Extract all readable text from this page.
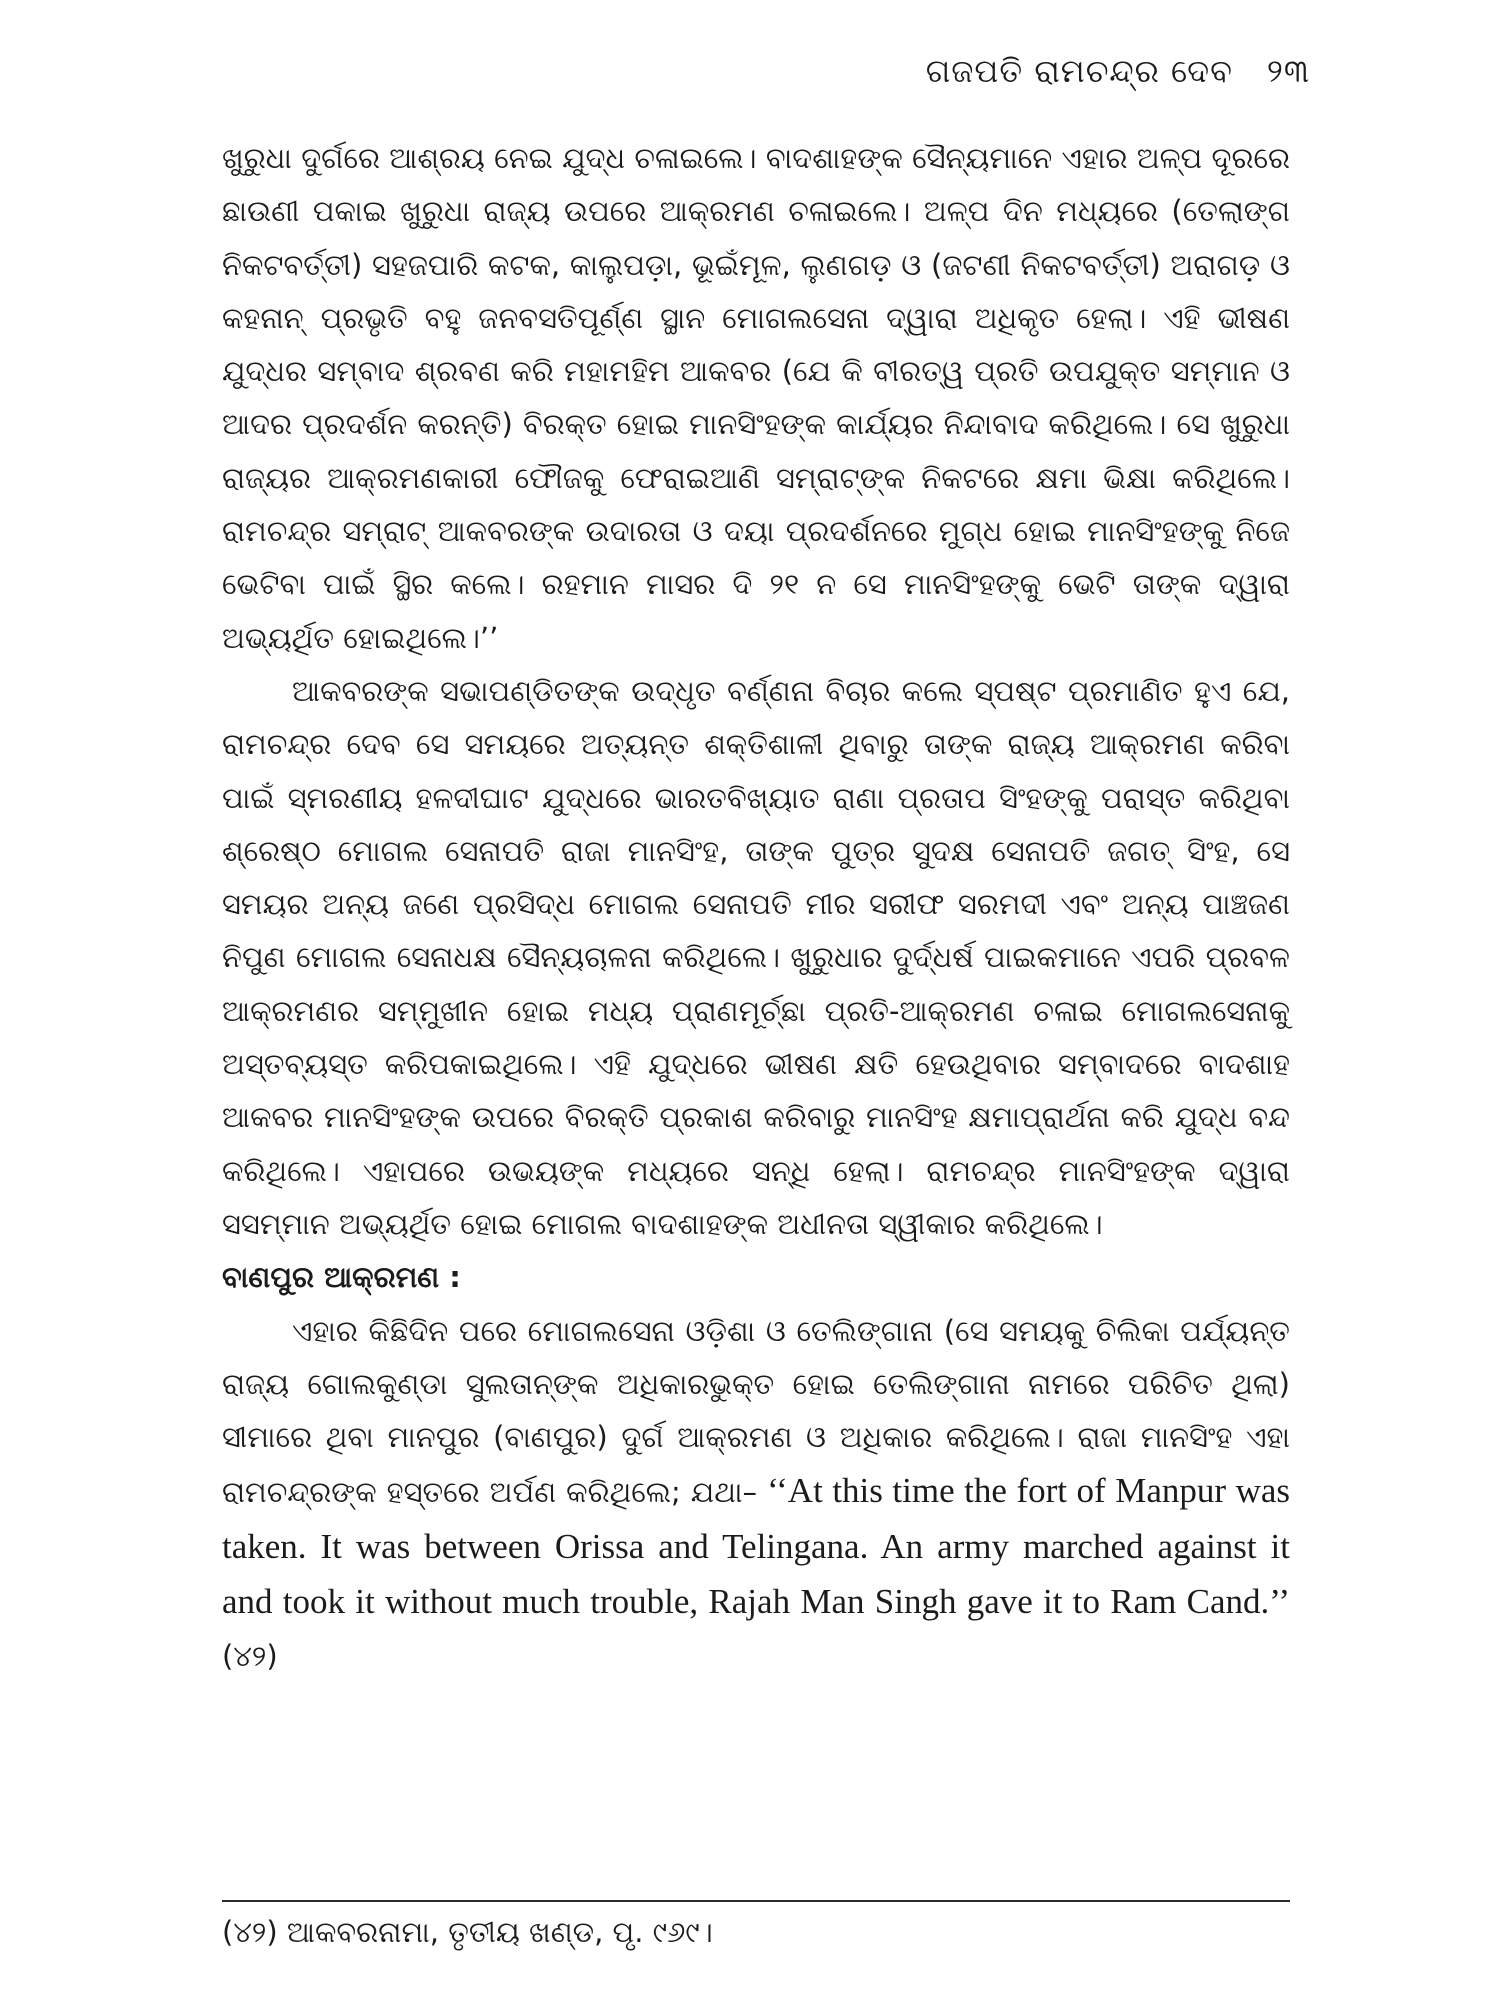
ଗଜପତି ରାମଚନ୍ଦ୍ର ଦେବ ୨୩

ଖୁରୁଧା ଦୁର୍ଗରେ ଆଶ୍ରୟ ନେଇ ଯୁଦ୍ଧ ଚଳାଇଲେ। ବାଦଶାହଙ୍କ ସୈନ୍ୟମାନେ ଏହାର ଅଳ୍ପ ଦୂରରେ ଛାଉଣୀ ପକାଇ ଖୁରୁଧା ରାଜ୍ୟ ଉପରେ ଆକ୍ରମଣ ଚଳାଇଲେ। ଅଳ୍ପ ଦିନ ମଧ୍ୟରେ (ତେଲାଙ୍ଗ ନିକଟବର୍ତ୍ତୀ) ସହଜପାରି କଟକ, କାଲୁପଡ଼ା, ଭୂଇଁମୂଳ, ଲୁଣଗଡ଼ ଓ (ଜଟଣୀ ନିକଟବର୍ତ୍ତୀ) ଅରାଗଡ଼ ଓ କହନାନ୍ ପ୍ରଭୃତି ବହୁ ଜନବସତିପୂର୍ଣ୍ଣ ସ୍ଥାନ ମୋଗଲସେନା ଦ୍ୱାରା ଅଧିକୃତ ହେଲା। ଏହି ଭୀଷଣ ଯୁଦ୍ଧର ସମ୍ବାଦ ଶ୍ରବଣ କରି ମହାମହିମ ଆକବର (ଯେ କି ବୀରତ୍ୱ ପ୍ରତି ଉପଯୁକ୍ତ ସମ୍ମାନ ଓ ଆଦର ପ୍ରଦର୍ଶନ କରନ୍ତି) ବିରକ୍ତ ହୋଇ ମାନସିଂହଙ୍କ କାର୍ଯ୍ୟର ନିନ୍ଦାବାଦ କରିଥିଲେ। ସେ ଖୁରୁଧା ରାଜ୍ୟର ଆକ୍ରମଣକାରୀ ଫୌଜକୁ ଫେରାଇଆଣି ସମ୍ରାଟ୍‌ଙ୍କ ନିକଟରେ କ୍ଷମା ଭିକ୍ଷା କରିଥିଲେ। ରାମଚନ୍ଦ୍ର ସମ୍ରାଟ୍ ଆକବରଙ୍କ ଉଦାରତା ଓ ଦୟା ପ୍ରଦର୍ଶନରେ ମୁଗ୍ଧ ହୋଇ ମାନସିଂହଙ୍କୁ ନିଜେ ଭେଟିବା ପାଇଁ ସ୍ଥିର କଲେ। ରହମାନ ମାସର ଦି ୨୧ ନ ସେ ମାନସିଂହଙ୍କୁ ଭେଟି ତାଙ୍କ ଦ୍ୱାରା ଅଭ୍ୟର୍ଥିତ ହୋଇଥିଲେ।’’

ଆକବରଙ୍କ ସଭାପଣ୍ଡିତଙ୍କ ଉଦ୍ଧୃତ ବର୍ଣ୍ଣନା ବିଚାର କଲେ ସ୍ପଷ୍ଟ ପ୍ରମାଣିତ ହୁଏ ଯେ, ରାମଚନ୍ଦ୍ର ଦେବ ସେ ସମୟରେ ଅତ୍ୟନ୍ତ ଶକ୍ତିଶାଳୀ ଥିବାରୁ ତାଙ୍କ ରାଜ୍ୟ ଆକ୍ରମଣ କରିବା ପାଇଁ ସ୍ମରଣୀୟ ହଳଦୀଘାଟ ଯୁଦ୍ଧରେ ଭାରତବିଖ୍ୟାତ ରାଣା ପ୍ରତାପ ସିଂହଙ୍କୁ ପରାସ୍ତ କରିଥିବା ଶ୍ରେଷ୍ଠ ମୋଗଲ ସେନାପତି ରାଜା ମାନସିଂହ, ତାଙ୍କ ପୁତ୍ର ସୁଦକ୍ଷ ସେନାପତି ଜଗତ୍ ସିଂହ, ସେ ସମୟର ଅନ୍ୟ ଜଣେ ପ୍ରସିଦ୍ଧ ମୋଗଲ ସେନାପତି ମୀର ସରୀଫ ସରମଦୀ ଏବଂ ଅନ୍ୟ ପାଞ୍ଚଜଣ ନିପୁଣ ମୋଗଲ ସେନାଧକ୍ଷ ସୈନ୍ୟଚାଳନା କରିଥିଲେ। ଖୁରୁଧାର ଦୁର୍ଦ୍ଧର୍ଷ ପାଇକମାନେ ଏପରି ପ୍ରବଳ ଆକ୍ରମଣର ସମ୍ମୁଖୀନ ହୋଇ ମଧ୍ୟ ପ୍ରାଣମୂର୍ଚ୍ଛା ପ୍ରତି-ଆକ୍ରମଣ ଚଳାଇ ମୋଗଲସେନାକୁ ଅସ୍ତବ୍ୟସ୍ତ କରିପକାଇଥିଲେ। ଏହି ଯୁଦ୍ଧରେ ଭୀଷଣ କ୍ଷତି ହେଉଥିବାର ସମ୍ବାଦରେ ବାଦଶାହ ଆକବର ମାନସିଂହଙ୍କ ଉପରେ ବିରକ୍ତି ପ୍ରକାଶ କରିବାରୁ ମାନସିଂହ କ୍ଷମାପ୍ରାର୍ଥନା କରି ଯୁଦ୍ଧ ବନ୍ଦ କରିଥିଲେ। ଏହାପରେ ଉଭୟଙ୍କ ମଧ୍ୟରେ ସନ୍ଧି ହେଲା। ରାମଚନ୍ଦ୍ର ମାନସିଂହଙ୍କ ଦ୍ୱାରା ସସମ୍ମାନ ଅଭ୍ୟର୍ଥିତ ହୋଇ ମୋଗଲ ବାଦଶାହଙ୍କ ଅଧୀନତା ସ୍ୱୀକାର କରିଥିଲେ।

ବାଣପୁର ଆକ୍ରମଣ :

ଏହାର କିଛିଦିନ ପରେ ମୋଗଲସେନା ଓଡ଼ିଶା ଓ ତେଲିଙ୍ଗାନା (ସେ ସମୟକୁ ଚିଲିକା ପର୍ଯ୍ୟନ୍ତ ରାଜ୍ୟ ଗୋଲକୁଣ୍ଡା ସୁଲତାନ୍‌ଙ୍କ ଅଧିକାରଭୁକ୍ତ ହୋଇ ତେଲିଙ୍ଗାନା ନାମରେ ପରିଚିତ ଥିଲା) ସୀମାରେ ଥିବା ମାନପୁର (ବାଣପୁର) ଦୁର୍ଗ ଆକ୍ରମଣ ଓ ଅଧିକାର କରିଥିଲେ। ରାଜା ମାନସିଂହ ଏହା ରାମଚନ୍ଦ୍ରଙ୍କ ହସ୍ତରେ ଅର୍ପଣ କରିଥିଲେ; ଯଥା– ‘‘At this time the fort of Manpur was taken. It was between Orissa and Telingana. An army marched against it and took it without much trouble, Rajah Man Singh gave it to Ram Cand.’’ (୪୨)

(୪୨) ଆକବରନାମା, ତୃତୀୟ ଖଣ୍ଡ, ପୃ. ୯୬୯।
